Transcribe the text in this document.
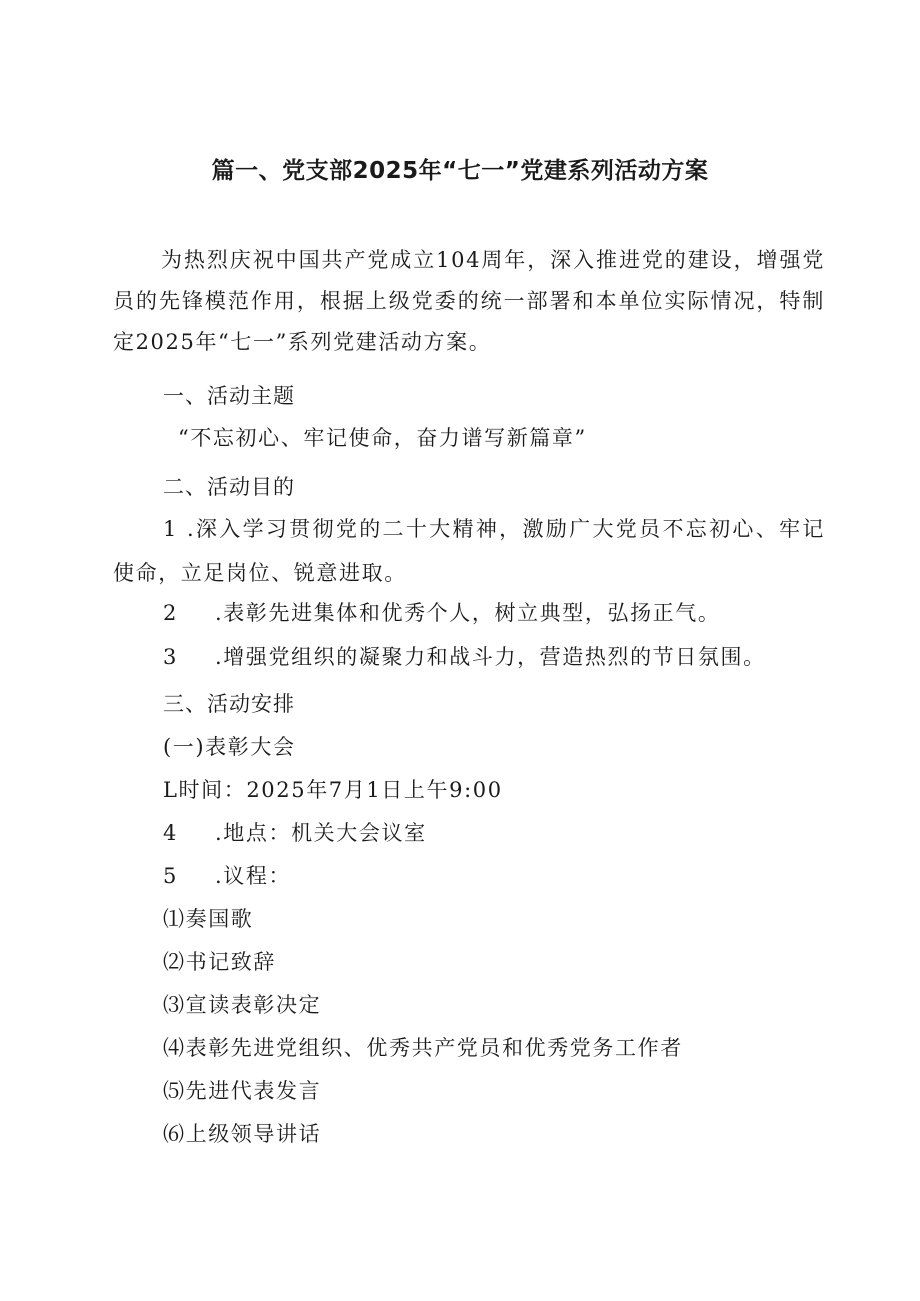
篇一、党支部2025年“七一”党建系列活动方案
为热烈庆祝中国共产党成立104周年，深入推进党的建设，增强党员的先锋模范作用，根据上级党委的统一部署和本单位实际情况，特制定2025年“七一”系列党建活动方案。
一、活动主题
“不忘初心、牢记使命，奋力谱写新篇章”
二、活动目的
1 .深入学习贯彻党的二十大精神，激励广大党员不忘初心、牢记使命，立足岗位、锐意进取。
2 .表彰先进集体和优秀个人，树立典型，弘扬正气。
3 .增强党组织的凝聚力和战斗力，营造热烈的节日氛围。
三、活动安排
(一)表彰大会
L时间：2025年7月1日上午9:00
4 .地点：机关大会议室
5 .议程：
⑴奏国歌
⑵书记致辞
⑶宣读表彰决定
⑷表彰先进党组织、优秀共产党员和优秀党务工作者
⑸先进代表发言
⑹上级领导讲话
